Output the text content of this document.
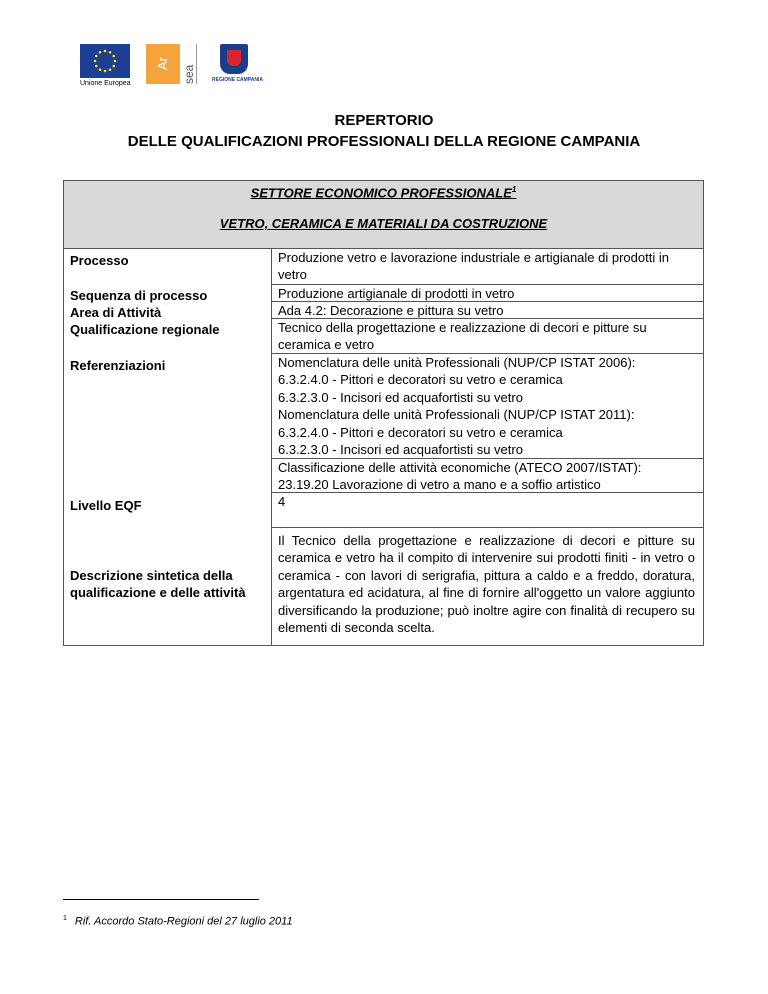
Unione Europea
Ar
sea	REGIONE CAMPANIA
REPERTORIO
DELLE QUALIFICAZIONI PROFESSIONALI DELLA REGIONE CAMPANIA
SETTORE ECONOMICO PROFESSIONALE$^1$
VETRO, CERAMICA E MATERIALI DA COSTRUZIONE
Processo
Sequenza di processo
Area di Attività
Qualificazione regionale
Referenziazioni
Livello EQF
Descrizione sintetica della qualificazione e delle attività
Produzione vetro e lavorazione industriale e artigianale di prodotti in vetro
Produzione artigianale di prodotti in vetro
Ada 4.2: Decorazione e pittura su vetro
Tecnico della progettazione e realizzazione di decori e pitture su ceramica e vetro
Nomenclatura delle unità Professionali (NUP/CP ISTAT 2006):
6.3.2.4.0 - Pittori e decoratori su vetro e ceramica
6.3.2.3.0 - Incisori ed acquafortisti su vetro
Nomenclatura delle unità Professionali (NUP/CP ISTAT 2011):
6.3.2.4.0 - Pittori e decoratori su vetro e ceramica
6.3.2.3.0 - Incisori ed acquafortisti su vetro
Classificazione delle attività economiche (ATECO 2007/ISTAT):
23.19.20 Lavorazione di vetro a mano e a soffio artistico
4
Il Tecnico della progettazione e realizzazione di decori e pitture su ceramica e vetro ha il compito di intervenire sui prodotti finiti - in vetro o ceramica - con lavori di serigrafia, pittura a caldo e a freddo, doratura, argentatura ed acidatura, al fine di fornire all'oggetto un valore aggiunto diversificando la produzione; può inoltre agire con finalità di recupero su elementi di seconda scelta.
$^1$ Rif. Accordo Stato-Regioni del 27 luglio 2011
